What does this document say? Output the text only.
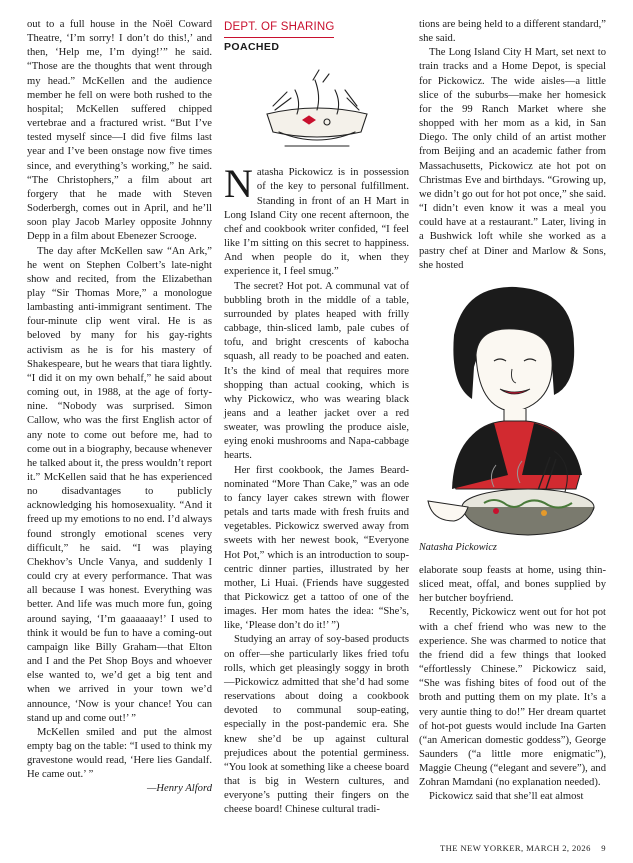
out to a full house in the Noël Coward Theatre, ‘I’m sorry! I don’t do this!,’ and then, ‘Help me, I’m dying!’” he said. “Those are the thoughts that went through my head.” McKellen and the audience member he fell on were both rushed to the hospital; McKellen suffered chipped vertebrae and a fractured wrist. “But I’ve tested myself since—I did five films last year and I’ve been onstage now five times since, and everything’s working,” he said. “The Christophers,” a film about art forgery that he made with Steven Soderbergh, comes out in April, and he’ll soon play Jacob Marley opposite Johnny Depp in a film about Ebenezer Scrooge.

The day after McKellen saw “An Ark,” he went on Stephen Colbert’s late-night show and recited, from the Elizabethan play “Sir Thomas More,” a monologue lambasting anti-immigrant sentiment. The four-minute clip went viral. He is as beloved by many for his gay-rights activism as he is for his mastery of Shakespeare, but he wears that tiara lightly. “I did it on my own behalf,” he said about coming out, in 1988, at the age of forty-nine. “Nobody was surprised. Simon Callow, who was the first English actor of any note to come out before me, had to come out in a biography, because whenever he talked about it, the press wouldn’t report it.” McKellen said that he has experienced no disadvantages to publicly acknowledging his homosexuality. “And it freed up my emotions to no end. I’d always found strongly emotional scenes very difficult,” he said. “I was playing Chekhov’s Uncle Vanya, and suddenly I could cry at every performance. That was all because I was honest. Everything was better. And life was much more fun, going around saying, ‘I’m gaaaaaay!’ I used to think it would be fun to have a coming-out campaign like Billy Graham—that Elton and I and the Pet Shop Boys and whoever else wanted to, we’d get a big tent and when we arrived in your town we’d announce, ‘Now is your chance! You can stand up and come out!’ ”

McKellen smiled and put the almost empty bag on the table: “I used to think my gravestone would read, ‘Here lies Gandalf. He came out.’ ”

—Henry Alford

DEPT. OF SHARING
POACHED

Natasha Pickowicz is in possession of the key to personal fulfillment. Standing in front of an H Mart in Long Island City one recent afternoon, the chef and cookbook writer confided, “I feel like I’m sitting on this secret to happiness. And when people do it, when they experience it, I feel smug.”

The secret? Hot pot. A communal vat of bubbling broth in the middle of a table, surrounded by plates heaped with frilly cabbage, thin-sliced lamb, pale cubes of tofu, and bright crescents of kabocha squash, all ready to be poached and eaten. It’s the kind of meal that requires more shopping than actual cooking, which is why Pickowicz, who was wearing black jeans and a leather jacket over a red sweater, was prowling the produce aisle, eying enoki mushrooms and Napa-cabbage hearts.

Her first cookbook, the James Beard-nominated “More Than Cake,” was an ode to fancy layer cakes strewn with flower petals and tarts made with fresh fruits and vegetables. Pickowicz swerved away from sweets with her newest book, “Everyone Hot Pot,” which is an introduction to soup-centric dinner parties, illustrated by her mother, Li Huai. (Friends have suggested that Pickowicz get a tattoo of one of the images. Her mom hates the idea: “She’s, like, ‘Please don’t do it!’ ”)

Studying an array of soy-based products on offer—she particularly likes fried tofu rolls, which get pleasingly soggy in broth—Pickowicz admitted that she’d had some reservations about doing a cookbook devoted to communal soup-eating, especially in the post-pandemic era. She knew she’d be up against cultural prejudices about the potential germiness. “You look at something like a cheese board that is big in Western cultures, and everyone’s putting their fingers on the cheese board! Chinese cultural tradi-

tions are being held to a different standard,” she said.

The Long Island City H Mart, set next to train tracks and a Home Depot, is special for Pickowicz. The wide aisles—a little slice of the suburbs—make her homesick for the 99 Ranch Market where she shopped with her mom as a kid, in San Diego. The only child of an artist mother from Beijing and an academic father from Massachusetts, Pickowicz ate hot pot on Christmas Eve and birthdays. “Growing up, we didn’t go out for hot pot once,” she said. “I didn’t even know it was a meal you could have at a restaurant.” Later, living in a Bushwick loft while she worked as a pastry chef at Diner and Marlow & Sons, she hosted

Natasha Pickowicz

elaborate soup feasts at home, using thin-sliced meat, offal, and bones supplied by her butcher boyfriend.

Recently, Pickowicz went out for hot pot with a chef friend who was new to the experience. She was charmed to notice that the friend did a few things that looked “effortlessly Chinese.” Pickowicz said, “She was fishing bites of food out of the broth and putting them on my plate. It’s a very auntie thing to do!” Her dream quartet of hot-pot guests would include Ina Garten (“an American domestic goddess”), George Saunders (“a little more enigmatic”), Maggie Cheung (“elegant and severe”), and Zohran Mamdani (no explanation needed).

Pickowicz said that she’ll eat almost

THE NEW YORKER, MARCH 2, 2026 9
